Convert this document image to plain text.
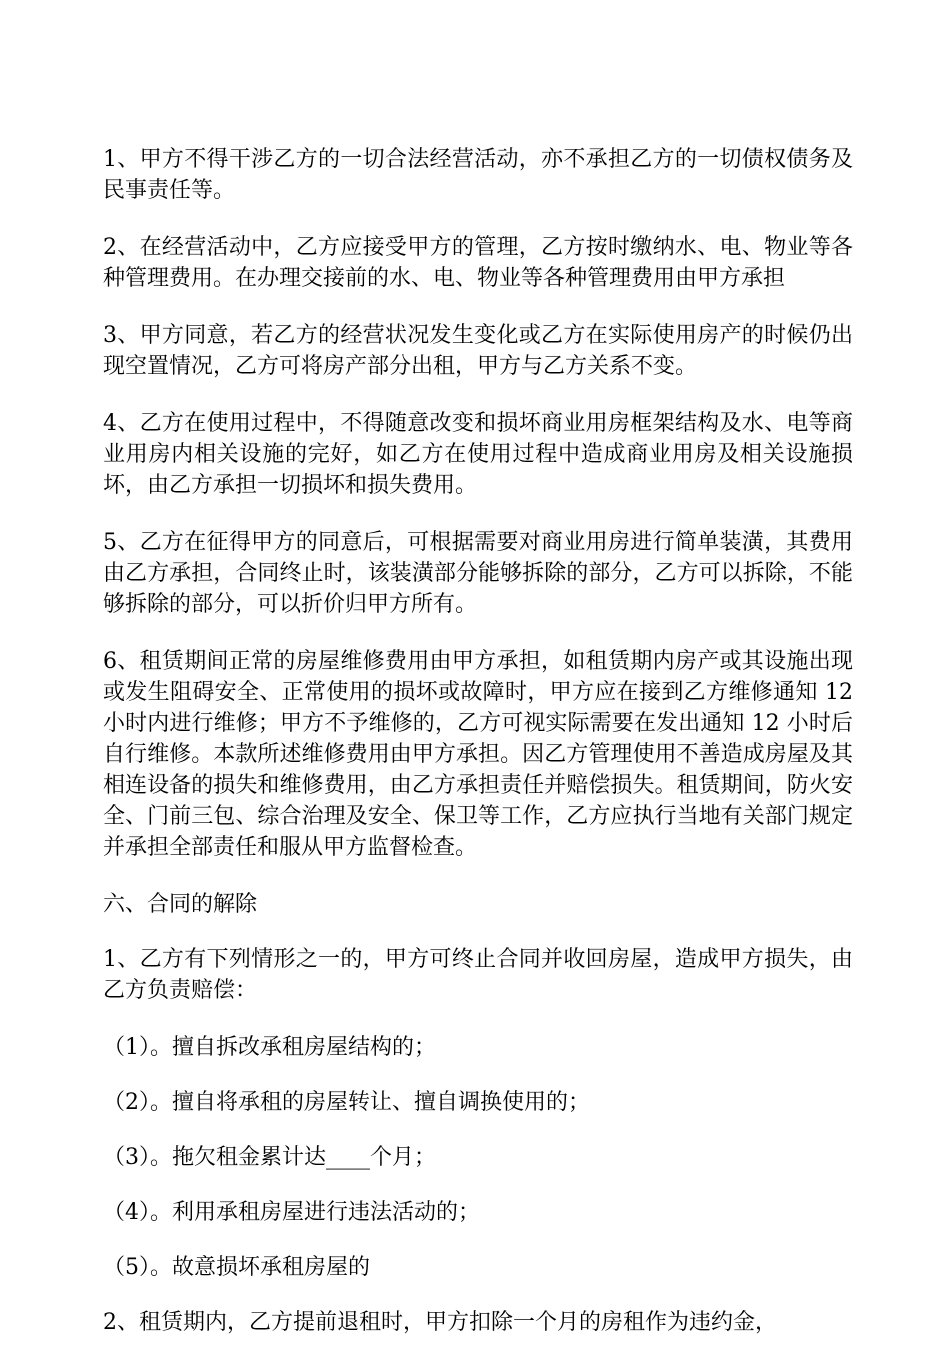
1、甲方不得干涉乙方的一切合法经营活动，亦不承担乙方的一切债权债务及民事责任等。

2、在经营活动中，乙方应接受甲方的管理，乙方按时缴纳水、电、物业等各种管理费用。在办理交接前的水、电、物业等各种管理费用由甲方承担

3、甲方同意，若乙方的经营状况发生变化或乙方在实际使用房产的时候仍出现空置情况，乙方可将房产部分出租，甲方与乙方关系不变。

4、乙方在使用过程中，不得随意改变和损坏商业用房框架结构及水、电等商业用房内相关设施的完好，如乙方在使用过程中造成商业用房及相关设施损坏，由乙方承担一切损坏和损失费用。

5、乙方在征得甲方的同意后，可根据需要对商业用房进行简单装潢，其费用由乙方承担，合同终止时，该装潢部分能够拆除的部分，乙方可以拆除，不能够拆除的部分，可以折价归甲方所有。

6、租赁期间正常的房屋维修费用由甲方承担，如租赁期内房产或其设施出现或发生阻碍安全、正常使用的损坏或故障时，甲方应在接到乙方维修通知 12 小时内进行维修；甲方不予维修的，乙方可视实际需要在发出通知 12 小时后自行维修。本款所述维修费用由甲方承担。因乙方管理使用不善造成房屋及其相连设备的损失和维修费用，由乙方承担责任并赔偿损失。租赁期间，防火安全、门前三包、综合治理及安全、保卫等工作，乙方应执行当地有关部门规定并承担全部责任和服从甲方监督检查。

六、合同的解除

1、乙方有下列情形之一的，甲方可终止合同并收回房屋，造成甲方损失，由乙方负责赔偿：

（1）。擅自拆改承租房屋结构的；

（2）。擅自将承租的房屋转让、擅自调换使用的；

（3）。拖欠租金累计达____个月；

（4）。利用承租房屋进行违法活动的；

（5）。故意损坏承租房屋的

2、租赁期内，乙方提前退租时，甲方扣除一个月的房租作为违约金，
